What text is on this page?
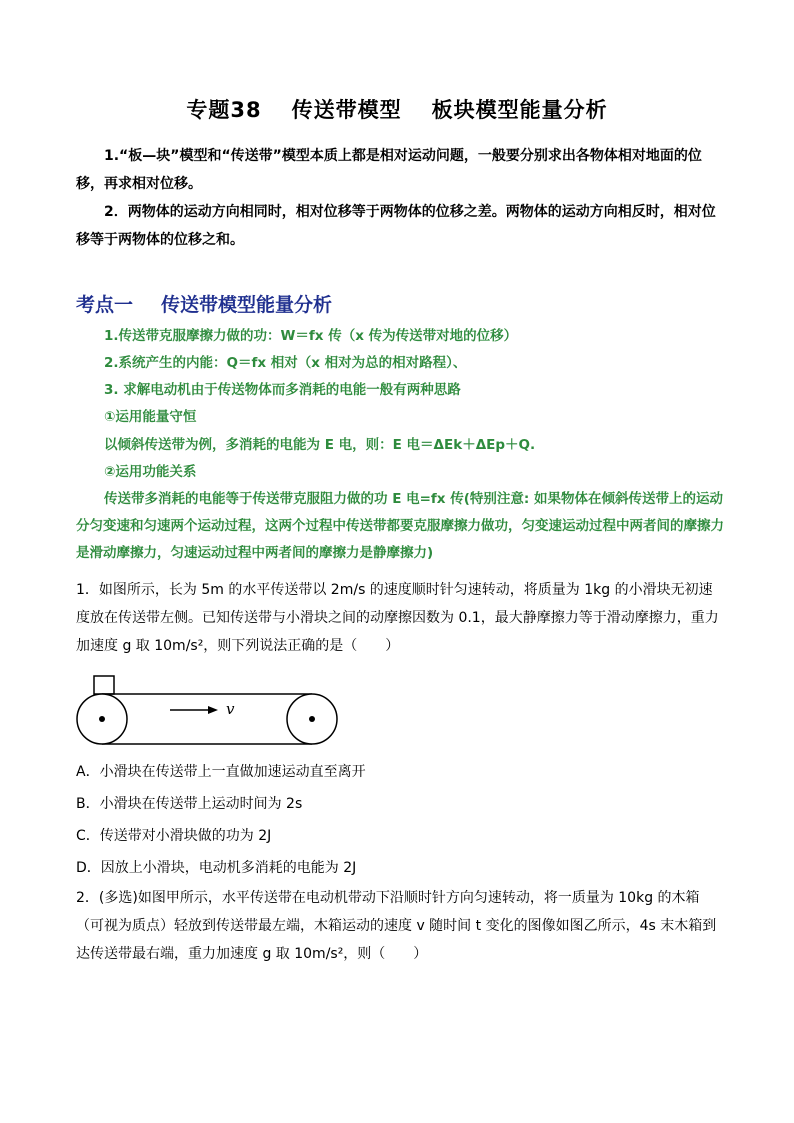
专题38 传送带模型 板块模型能量分析
1.“板—块”模型和“传送带”模型本质上都是相对运动问题，一般要分别求出各物体相对地面的位移，再求相对位移。
2．两物体的运动方向相同时，相对位移等于两物体的位移之差。两物体的运动方向相反时，相对位移等于两物体的位移之和。
考点一 传送带模型能量分析
1.传送带克服摩擦力做的功：W＝fx 传（x 传为传送带对地的位移）
2.系统产生的内能：Q＝fx 相对（x 相对为总的相对路程）、
3. 求解电动机由于传送物体而多消耗的电能一般有两种思路
①运用能量守恒
以倾斜传送带为例，多消耗的电能为 E 电，则：E 电＝ΔEk＋ΔEp＋Q.
②运用功能关系
传送带多消耗的电能等于传送带克服阻力做的功 E 电=fx 传(特别注意: 如果物体在倾斜传送带上的运动分匀变速和匀速两个运动过程，这两个过程中传送带都要克服摩擦力做功，匀变速运动过程中两者间的摩擦力是滑动摩擦力，匀速运动过程中两者间的摩擦力是静摩擦力)
1．如图所示，长为 5m 的水平传送带以 2m/s 的速度顺时针匀速转动，将质量为 1kg 的小滑块无初速度放在传送带左侧。已知传送带与小滑块之间的动摩擦因数为 0.1，最大静摩擦力等于滑动摩擦力，重力加速度 g 取 10m/s²，则下列说法正确的是（　　）
v
A．小滑块在传送带上一直做加速运动直至离开
B．小滑块在传送带上运动时间为 2s
C．传送带对小滑块做的功为 2J
D．因放上小滑块，电动机多消耗的电能为 2J
2．(多选)如图甲所示，水平传送带在电动机带动下沿顺时针方向匀速转动，将一质量为 10kg 的木箱（可视为质点）轻放到传送带最左端，木箱运动的速度 v 随时间 t 变化的图像如图乙所示，4s 末木箱到达传送带最右端，重力加速度 g 取 10m/s²，则（　　）
